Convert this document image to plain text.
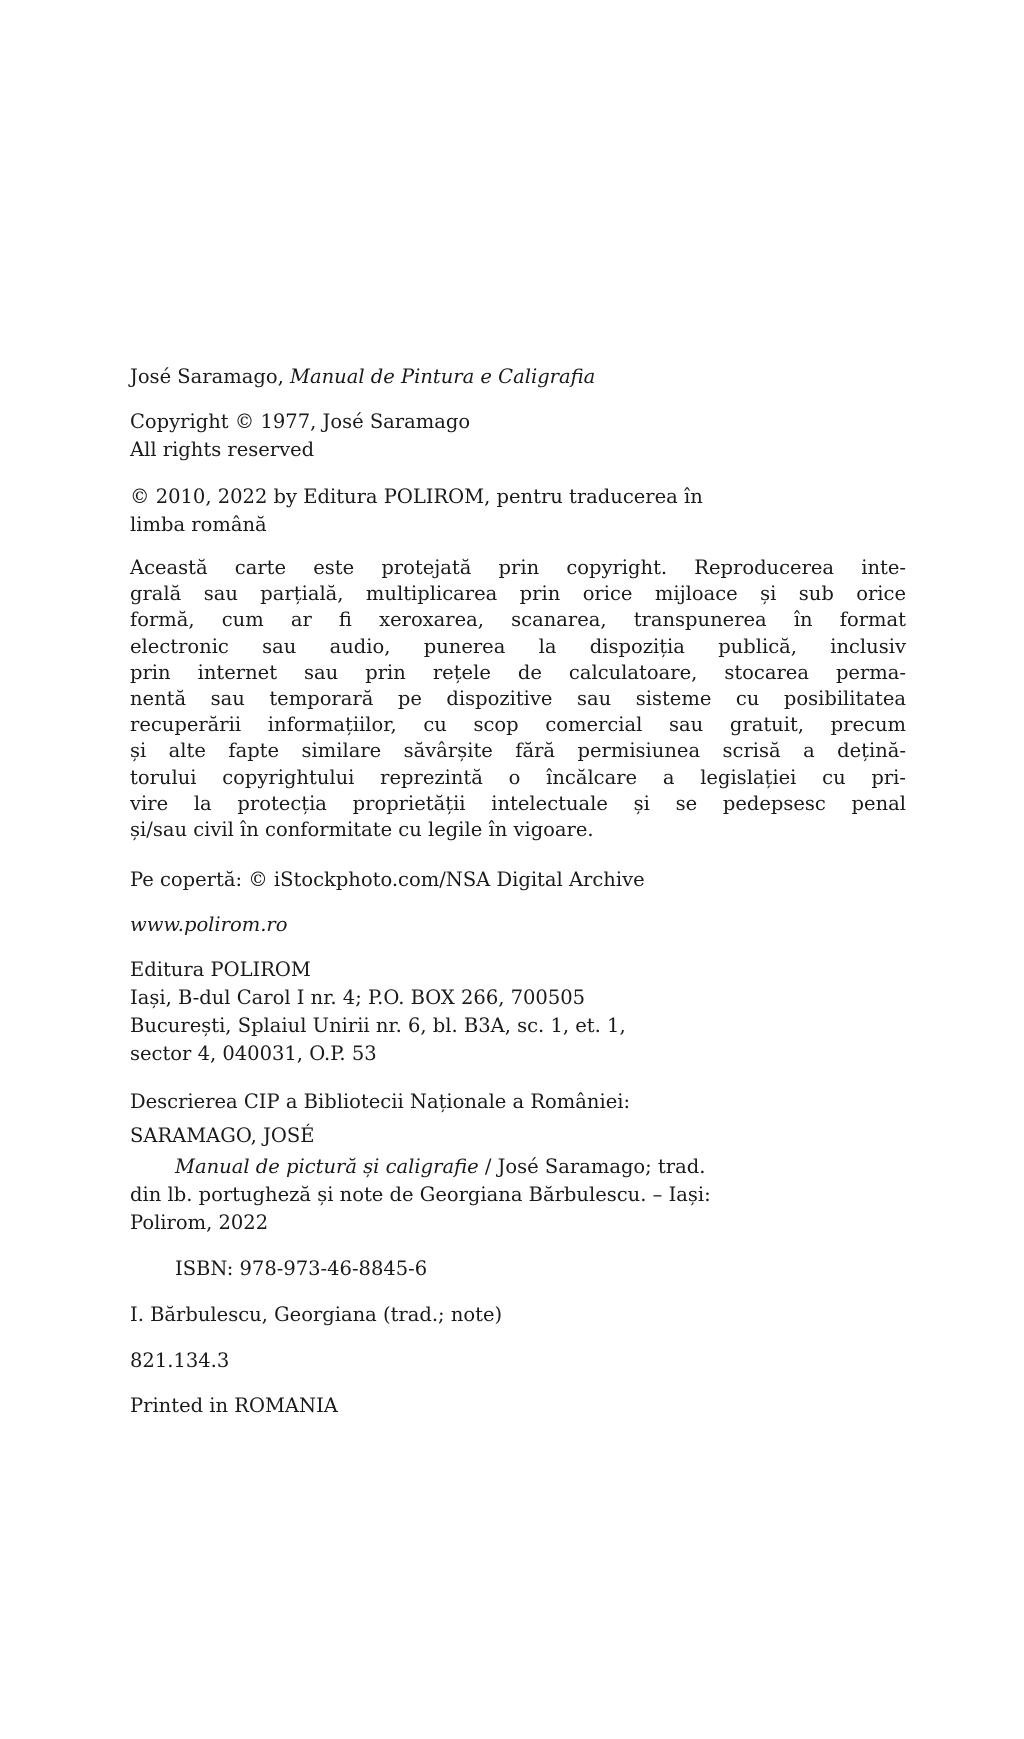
José Saramago, Manual de Pintura e Caligrafia
Copyright © 1977, José Saramago
All rights reserved
© 2010, 2022 by Editura POLIROM, pentru traducerea în
limba română
Această carte este protejată prin copyright. Reproducerea inte-
grală sau parțială, multiplicarea prin orice mijloace și sub orice
formă, cum ar fi xeroxarea, scanarea, transpunerea în format
electronic sau audio, punerea la dispoziția publică, inclusiv
prin internet sau prin rețele de calculatoare, stocarea perma-
nentă sau temporară pe dispozitive sau sisteme cu posibilitatea
recuperării informațiilor, cu scop comercial sau gratuit, precum
și alte fapte similare săvârșite fără permisiunea scrisă a dețină-
torului copyrightului reprezintă o încălcare a legislației cu pri-
vire la protecția proprietății intelectuale și se pedepsesc penal
și/sau civil în conformitate cu legile în vigoare.
Pe copertă: © iStockphoto.com/NSA Digital Archive
www.polirom.ro
Editura POLIROM
Iași, B-dul Carol I nr. 4; P.O. BOX 266, 700505
București, Splaiul Unirii nr. 6, bl. B3A, sc. 1, et. 1,
sector 4, 040031, O.P. 53
Descrierea CIP a Bibliotecii Naționale a României:
SARAMAGO, JOSÉ
Manual de pictură și caligrafie / José Saramago; trad.
din lb. portugheză și note de Georgiana Bărbulescu. – Iași:
Polirom, 2022
ISBN: 978-973-46-8845-6
I. Bărbulescu, Georgiana (trad.; note)
821.134.3
Printed in ROMANIA
